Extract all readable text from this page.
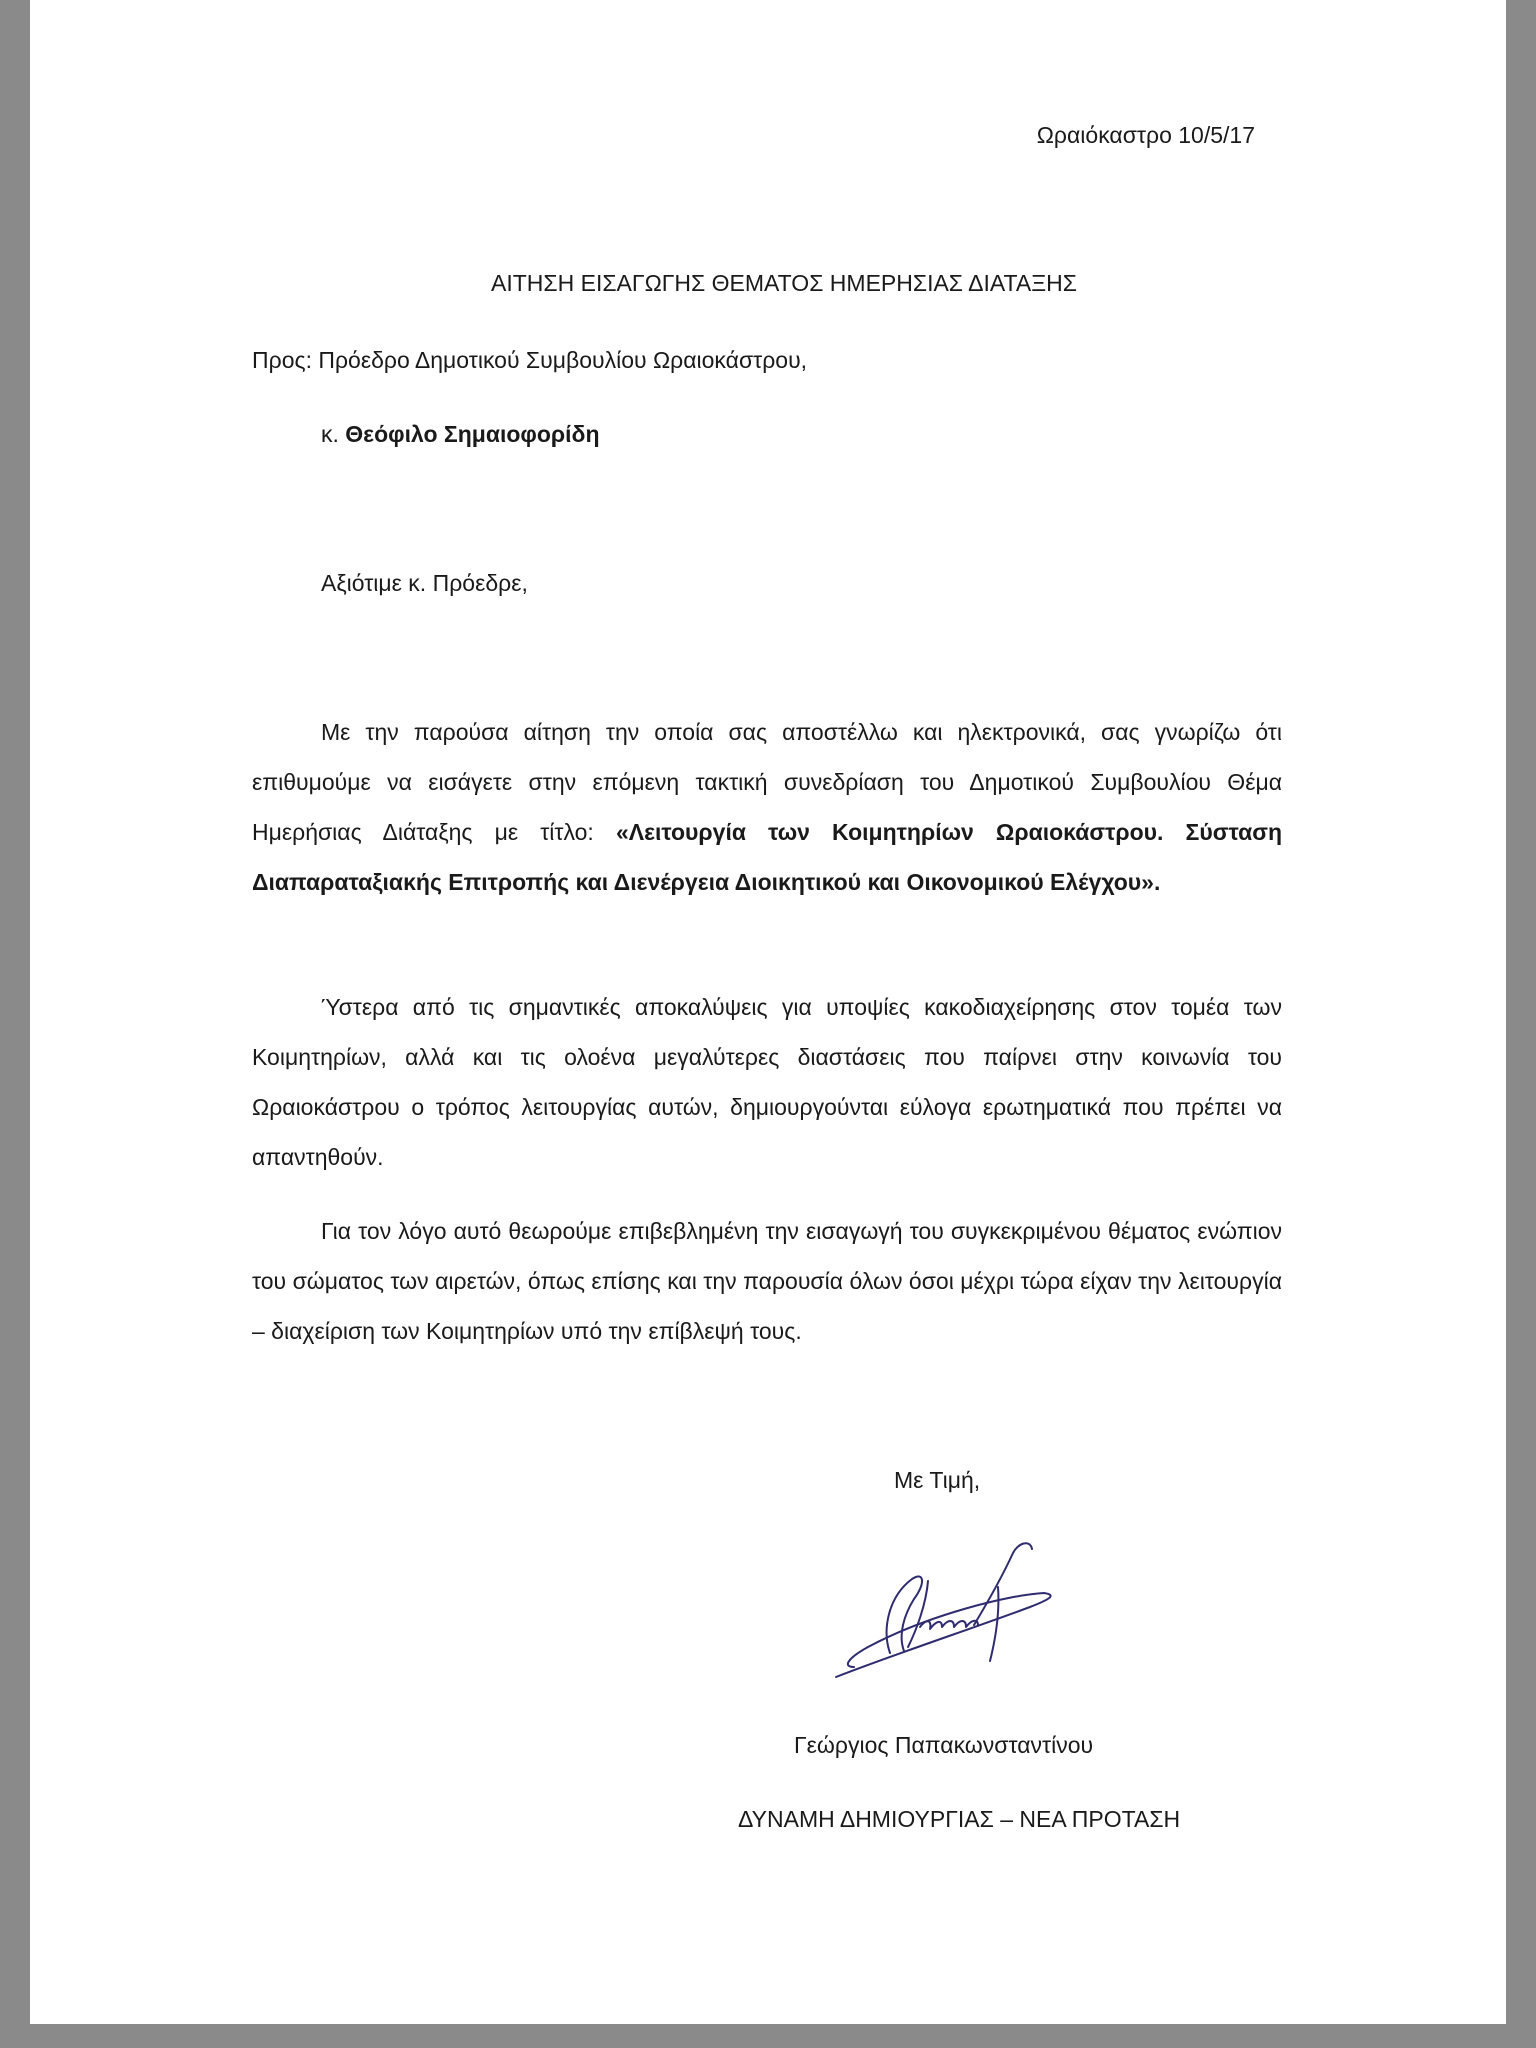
Ωραιόκαστρο 10/5/17
ΑΙΤΗΣΗ ΕΙΣΑΓΩΓΗΣ ΘΕΜΑΤΟΣ ΗΜΕΡΗΣΙΑΣ ΔΙΑΤΑΞΗΣ
Προς: Πρόεδρο Δημοτικού Συμβουλίου Ωραιοκάστρου,
κ. Θεόφιλο Σημαιοφορίδη
Αξιότιμε κ. Πρόεδρε,

Με την παρούσα αίτηση την οποία σας αποστέλλω και ηλεκτρονικά, σας γνωρίζω ότι επιθυμούμε να εισάγετε στην επόμενη τακτική συνεδρίαση του Δημοτικού Συμβουλίου Θέμα Ημερήσιας Διάταξης με τίτλο: «Λειτουργία των Κοιμητηρίων Ωραιοκάστρου. Σύσταση Διαπαραταξιακής Επιτροπής και Διενέργεια Διοικητικού και Οικονομικού Ελέγχου».

Ύστερα από τις σημαντικές αποκαλύψεις για υποψίες κακοδιαχείρησης στον τομέα των Κοιμητηρίων, αλλά και τις ολοένα μεγαλύτερες διαστάσεις που παίρνει στην κοινωνία του Ωραιοκάστρου ο τρόπος λειτουργίας αυτών, δημιουργούνται εύλογα ερωτηματικά που πρέπει να απαντηθούν.

Για τον λόγο αυτό θεωρούμε επιβεβλημένη την εισαγωγή του συγκεκριμένου θέματος ενώπιον του σώματος των αιρετών, όπως επίσης και την παρουσία όλων όσοι μέχρι τώρα είχαν την λειτουργία – διαχείριση των Κοιμητηρίων υπό την επίβλεψή τους.

Με Τιμή,
Γεώργιος Παπακωνσταντίνου
ΔΥΝΑΜΗ ΔΗΜΙΟΥΡΓΙΑΣ – ΝΕΑ ΠΡΟΤΑΣΗ
